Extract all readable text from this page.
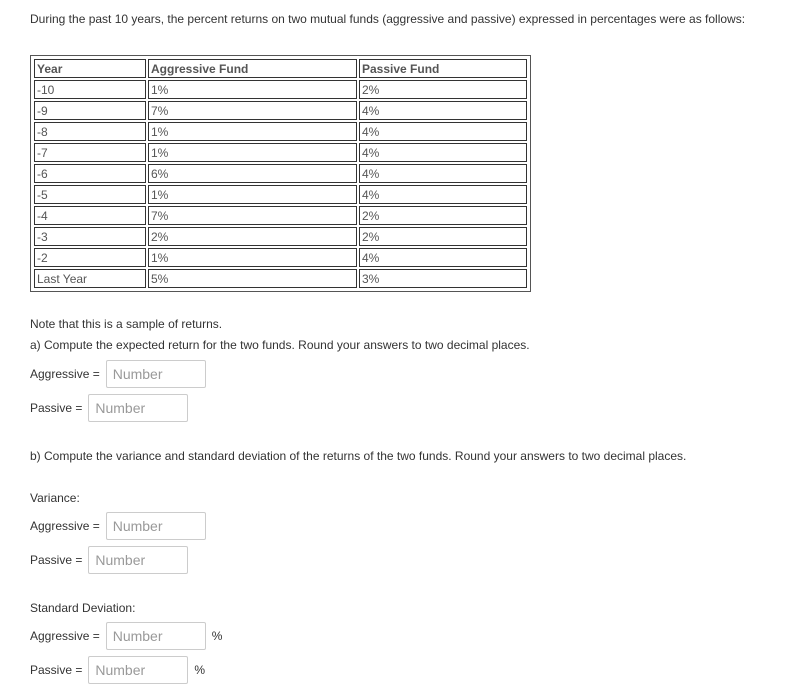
During the past 10 years, the percent returns on two mutual funds (aggressive and passive) expressed in percentages were as follows:
Year	Aggressive Fund	Passive Fund
-10	1%	2%
-9	7%	4%
-8	1%	4%
-7	1%	4%
-6	6%	4%
-5	1%	4%
-4	7%	2%
-3	2%	2%
-2	1%	4%
Last Year	5%	3%
Note that this is a sample of returns.
a) Compute the expected return for the two funds. Round your answers to two decimal places.
Aggressive =
Number
Passive =
Number
b) Compute the variance and standard deviation of the returns of the two funds. Round your answers to two decimal places.
Variance:
Aggressive =
Number
Passive =
Number
Standard Deviation:
Aggressive =
Number	%
Passive =
Number	%
